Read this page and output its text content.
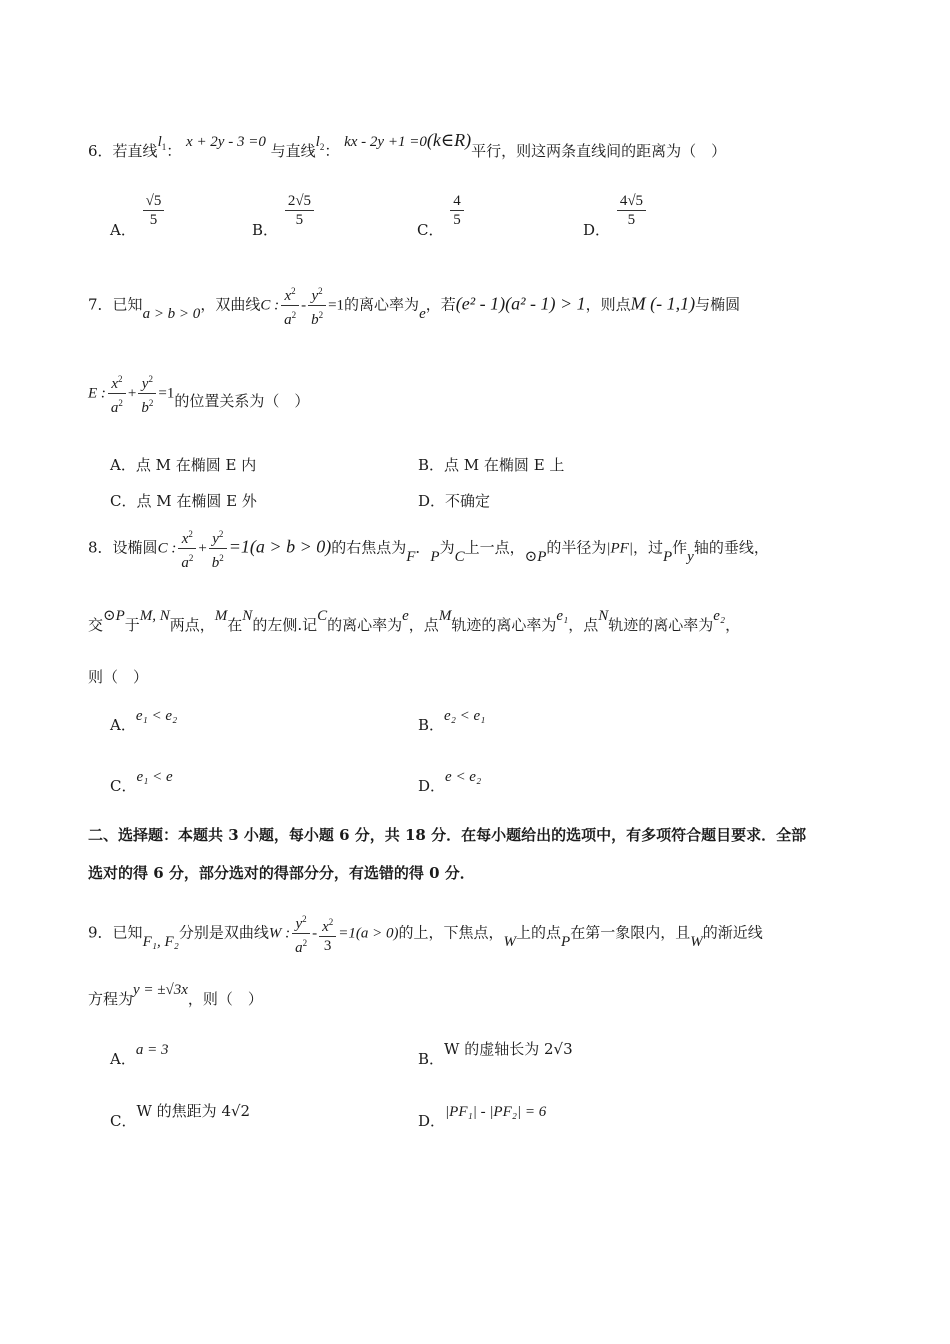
6．若直线$l_1$： x + 2y - 3 =0 与直线$l_2$： kx - 2y +1 =0(k∈R)平行，则这两条直线间的距离为（　）
A．
$\frac{√5}{5}$
B．
$\frac{2√5}{5}$
C．
$\frac{4}{5}$
D．
$\frac{4√5}{5}$
7．已知a > b > 0，双曲线C : $\frac{x^2}{a^2} - \frac{y^2}{b^2} =1$的离心率为e，若(e² - 1)(a² - 1) > 1，则点M (- 1,1)与椭圆
E : $\frac{x^2}{a^2} + \frac{y^2}{b^2} =1$的位置关系为（　）
A．点 M 在椭圆 E 内	B．点 M 在椭圆 E 上
C．点 M 在椭圆 E 外	D．不确定
8．设椭圆C : $\frac{x^2}{a^2} + \frac{y^2}{b^2} =1(a > b > 0)$的右焦点为F．P为C上一点，⊙P的半径为|PF|，过P作y轴的垂线，
交⊙P于M, N两点，M在N的左侧.记C的离心率为e，点M轨迹的离心率为e₁，点N轨迹的离心率为e₂，
则（　）
A．e₁ < e₂	B．e₂ < e₁
C．e₁ < e	D．e < e₂
二、选择题：本题共 3 小题，每小题 6 分，共 18 分．在每小题给出的选项中，有多项符合题目要求．全部
选对的得 6 分，部分选对的得部分分，有选错的得 0 分．
9．已知F₁, F₂分别是双曲线W : $\frac{y^2}{a^2} - \frac{x^2}{3} =1(a > 0)$的上，下焦点，W上的点P在第一象限内，且W的渐近线
方程为y = ±√3x，则（　）
A．a = 3	B．W 的虚轴长为 2√3
C．W 的焦距为 4√2
D．|PF₁| - |PF₂| = 6
